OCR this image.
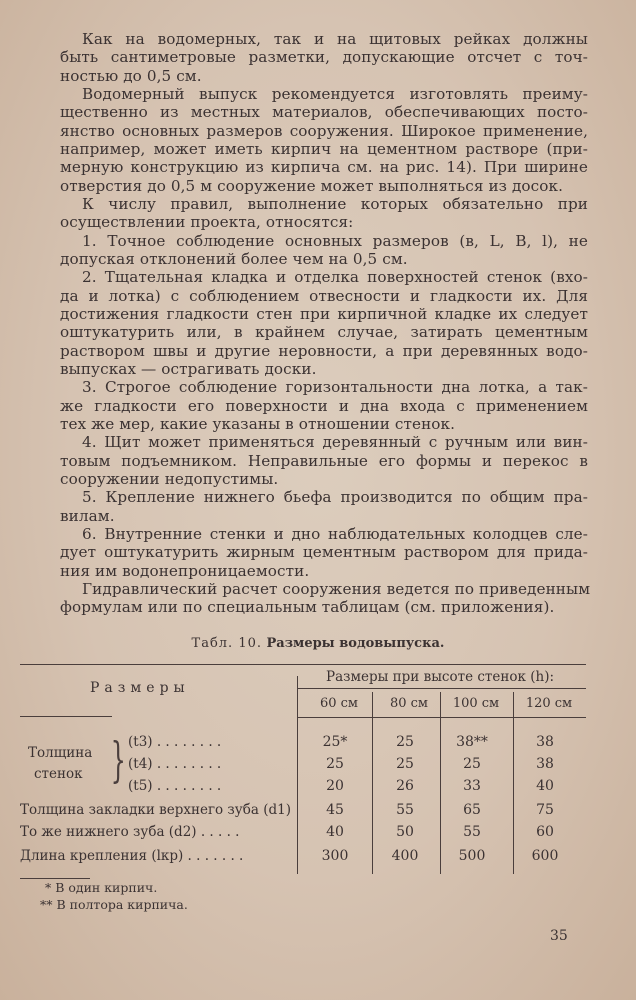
Как на водомерных, так и на щитовых рейках должны
быть сантиметровые разметки, допускающие отсчет с точ-
ностью до 0,5 см.
Водомерный выпуск рекомендуется изготовлять преиму-
щественно из местных материалов, обеспечивающих посто-
янство основных размеров сооружения. Широкое применение,
например, может иметь кирпич на цементном растворе (при-
мерную конструкцию из кирпича см. на рис. 14). При ширине
отверстия до 0,5 м сооружение может выполняться из досок.
К числу правил, выполнение которых обязательно при
осуществлении проекта, относятся:
1. Точное соблюдение основных размеров (в, L, B, l), не
допуская отклонений более чем на 0,5 см.
2. Тщательная кладка и отделка поверхностей стенок (вхо-
да и лотка) с соблюдением отвесности и гладкости их. Для
достижения гладкости стен при кирпичной кладке их следует
оштукатурить или, в крайнем случае, затирать цементным
раствором швы и другие неровности, а при деревянных водо-
выпусках — острагивать доски.
3. Строгое соблюдение горизонтальности дна лотка, а так-
же гладкости его поверхности и дна входа с применением
тех же мер, какие указаны в отношении стенок.
4. Щит может применяться деревянный с ручным или вин-
товым подъемником. Неправильные его формы и перекос в
сооружении недопустимы.
5. Крепление нижнего бьефа производится по общим пра-
вилам.
6. Внутренние стенки и дно наблюдательных колодцев сле-
дует оштукатурить жирным цементным раствором для прида-
ния им водонепроницаемости.
Гидравлический расчет сооружения ведется по приведенным
формулам или по специальным таблицам (см. приложения).
Табл. 10. Размеры водовыпуска.
Размеры
Размеры при высоте стенок (h):
60 см	80 см	100 см	120 см
Толщина
стенок } (t3) . . . . . . . .	25*	25	38**	38
(t4) . . . . . . . .	25	25	25	38
(t5) . . . . . . . .	20	26	33	40
Толщина закладки верхнего зуба (d1)	45	55	65	75
То же нижнего зуба (d2) . . . . .	40	50	55	60
Длина крепления (lкр) . . . . . . .	300	400	500	600
* В один кирпич.
** В полтора кирпича.
35
